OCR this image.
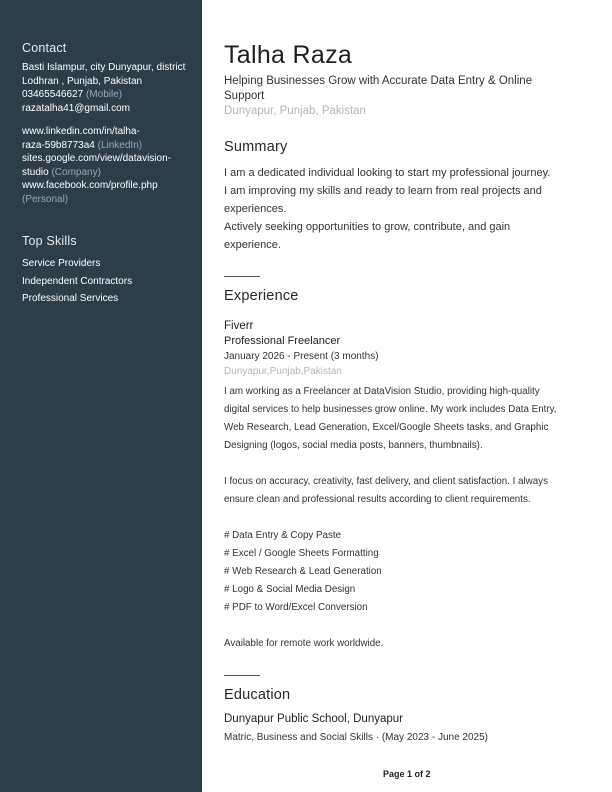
Contact

Basti Islampur, city Dunyapur, district

Lodhran , Punjab, Pakistan

03465546627 (Mobile)

razatalha41@gmail.com

www.linkedin.com/in/talha-

raza-59b8773a4 (LinkedIn)

sites.google.com/view/datavision-

studio (Company)

www.facebook.com/profile.php

(Personal)

Top Skills
Service Providers
Independent Contractors
Professional Services
Talha Raza
Helping Businesses Grow with Accurate Data Entry & Online
Support
Dunyapur, Punjab, Pakistan
Summary
I am a dedicated individual looking to start my professional journey.
I am improving my skills and ready to learn from real projects and
experiences.
Actively seeking opportunities to grow, contribute, and gain
experience.
Experience
Fiverr
Professional Freelancer
January 2026 - Present (3 months)
Dunyapur,Punjab,Pakistan

I am working as a Freelancer at DataVision Studio, providing high-quality

digital services to help businesses grow online. My work includes Data Entry,

Web Research, Lead Generation, Excel/Google Sheets tasks, and Graphic

Designing (logos, social media posts, banners, thumbnails).

I focus on accuracy, creativity, fast delivery, and client satisfaction. I always

ensure clean and professional results according to client requirements.

# Data Entry & Copy Paste

# Excel / Google Sheets Formatting

# Web Research & Lead Generation

# Logo & Social Media Design

# PDF to Word/Excel Conversion

Available for remote work worldwide.

Education
Dunyapur Public School, Dunyapur
Matric, Business and Social Skills · (May 2023 - June 2025)
Page 1 of 2
